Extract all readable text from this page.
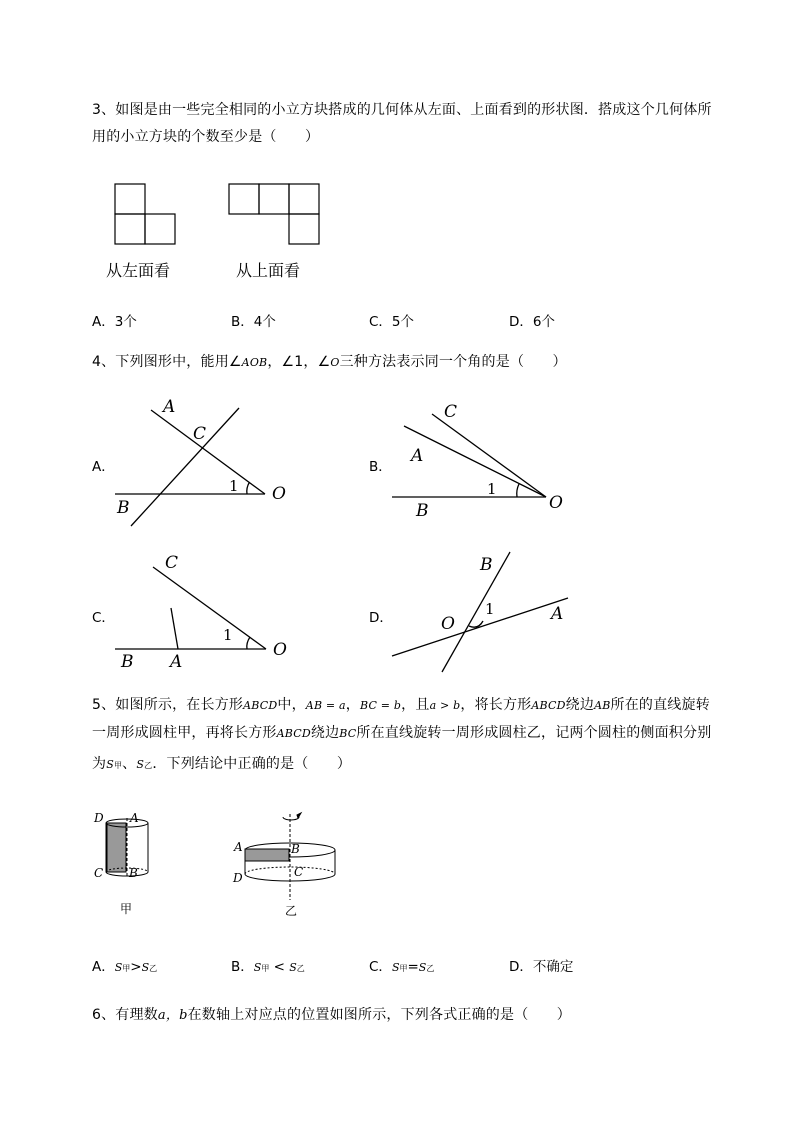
3、如图是由一些完全相同的小立方块搭成的几何体从左面、上面看到的形状图．搭成这个几何体所
用的小立方块的个数至少是（　　）
从左面看	从上面看
A．3个	B．4个	C．5个	D．6个
4、下列图形中，能用∠AOB，∠1，∠O三种方法表示同一个角的是（　　）
A．	B．
C．	D．
A
C
1
B
O
C
A
1
B	O
C
1
B A
O
B
O
1	A
5、如图所示，在长方形ABCD中，AB = a，BC = b，且a > b，将长方形ABCD绕边AB所在的直线旋转
一周形成圆柱甲，再将长方形ABCD绕边BC所在直线旋转一周形成圆柱乙，记两个圆柱的侧面积分别
为S甲、S乙．下列结论中正确的是（　　）
D A
C B
甲
A	B
D	C
乙
A．S甲>S乙	B．S甲 < S乙	C．S甲=S乙	D．不确定
6、有理数a，b在数轴上对应点的位置如图所示，下列各式正确的是（　　）
